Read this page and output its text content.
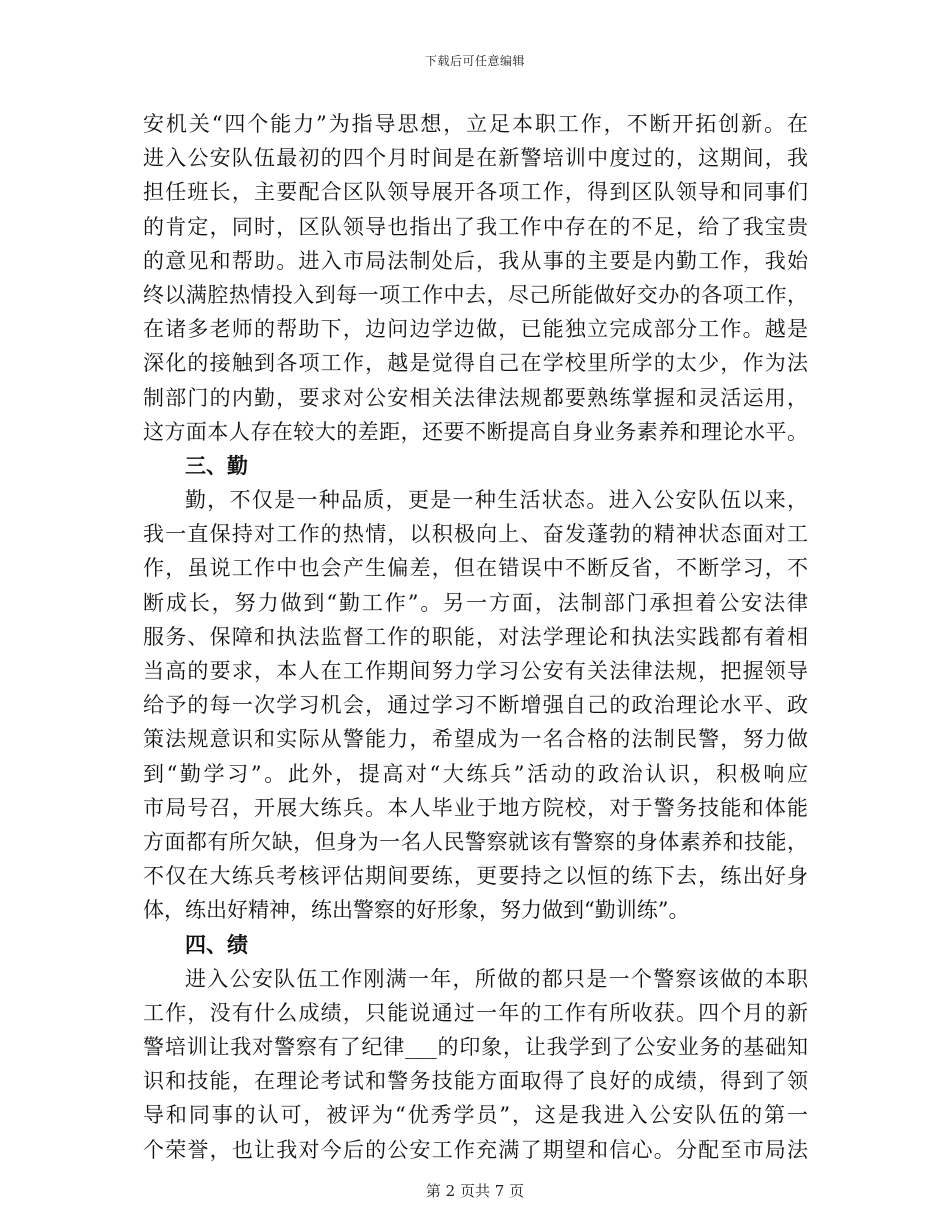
下载后可任意编辑
安机关“四个能力”为指导思想，立足本职工作，不断开拓创新。在
进入公安队伍最初的四个月时间是在新警培训中度过的，这期间，我
担任班长，主要配合区队领导展开各项工作，得到区队领导和同事们
的肯定，同时，区队领导也指出了我工作中存在的不足，给了我宝贵
的意见和帮助。进入市局法制处后，我从事的主要是内勤工作，我始
终以满腔热情投入到每一项工作中去，尽己所能做好交办的各项工作，
在诸多老师的帮助下，边问边学边做，已能独立完成部分工作。越是
深化的接触到各项工作，越是觉得自己在学校里所学的太少，作为法
制部门的内勤，要求对公安相关法律法规都要熟练掌握和灵活运用，
这方面本人存在较大的差距，还要不断提高自身业务素养和理论水平。
三、勤
勤，不仅是一种品质，更是一种生活状态。进入公安队伍以来，
我一直保持对工作的热情，以积极向上、奋发蓬勃的精神状态面对工
作，虽说工作中也会产生偏差，但在错误中不断反省，不断学习，不
断成长，努力做到“勤工作”。另一方面，法制部门承担着公安法律
服务、保障和执法监督工作的职能，对法学理论和执法实践都有着相
当高的要求，本人在工作期间努力学习公安有关法律法规，把握领导
给予的每一次学习机会，通过学习不断增强自己的政治理论水平、政
策法规意识和实际从警能力，希望成为一名合格的法制民警，努力做
到“勤学习”。此外，提高对“大练兵”活动的政治认识，积极响应
市局号召，开展大练兵。本人毕业于地方院校，对于警务技能和体能
方面都有所欠缺，但身为一名人民警察就该有警察的身体素养和技能，
不仅在大练兵考核评估期间要练，更要持之以恒的练下去，练出好身
体，练出好精神，练出警察的好形象，努力做到“勤训练”。
四、绩
进入公安队伍工作刚满一年，所做的都只是一个警察该做的本职
工作，没有什么成绩，只能说通过一年的工作有所收获。四个月的新
警培训让我对警察有了纪律___的印象，让我学到了公安业务的基础知
识和技能，在理论考试和警务技能方面取得了良好的成绩，得到了领
导和同事的认可，被评为“优秀学员”，这是我进入公安队伍的第一
个荣誉，也让我对今后的公安工作充满了期望和信心。分配至市局法
第 2 页共 7 页
